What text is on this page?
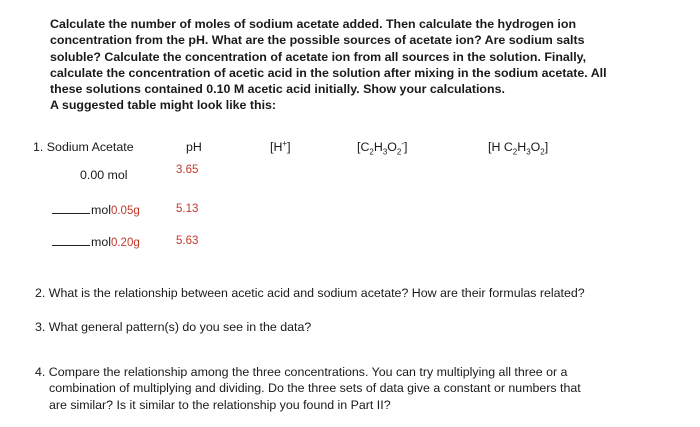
Calculate the number of moles of sodium acetate added. Then calculate the hydrogen ion
concentration from the pH. What are the possible sources of acetate ion? Are sodium salts
soluble? Calculate the concentration of acetate ion from all sources in the solution. Finally,
calculate the concentration of acetic acid in the solution after mixing in the sodium acetate. All
these solutions contained 0.10 M acetic acid initially. Show your calculations.
A suggested table might look like this:
1. Sodium Acetate	pH	[H+]	$[C_2H_3O_2^-]$	[H $C_2H_3O_2$]
0.00 mol	3.65
mol0.05g	5.13
mol0.20g	5.63
2. What is the relationship between acetic acid and sodium acetate? How are their formulas related?
3. What general pattern(s) do you see in the data?
4. Compare the relationship among the three concentrations. You can try multiplying all three or a
combination of multiplying and dividing. Do the three sets of data give a constant or numbers that
are similar? Is it similar to the relationship you found in Part II?
